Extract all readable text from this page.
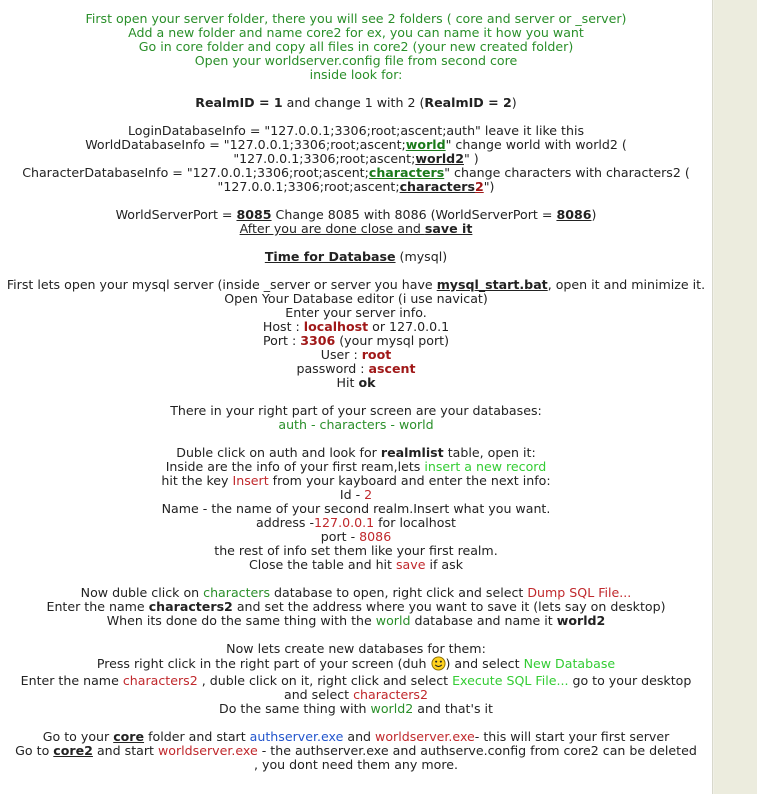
First open your server folder, there you will see 2 folders ( core and server or _server)

Add a new folder and name core2 for ex, you can name it how you want

Go in core folder and copy all files in core2 (your new created folder)

Open your worldserver.config file from second core

inside look for:

RealmID = 1 and change 1 with 2 (RealmID = 2)

LoginDatabaseInfo = "127.0.0.1;3306;root;ascent;auth" leave it like this

WorldDatabaseInfo = "127.0.0.1;3306;root;ascent;world" change world with world2 (

"127.0.0.1;3306;root;ascent;world2" )

CharacterDatabaseInfo = "127.0.0.1;3306;root;ascent;characters" change characters with characters2 (

"127.0.0.1;3306;root;ascent;characters2")

WorldServerPort = 8085 Change 8085 with 8086 (WorldServerPort = 8086)

After you are done close and save it

Time for Database (mysql)

First lets open your mysql server (inside _server or server you have mysql_start.bat, open it and minimize it.

Open Your Database editor (i use navicat)

Enter your server info.

Host : localhost or 127.0.0.1

Port : 3306 (your mysql port)

User : root

password : ascent

Hit ok

There in your right part of your screen are your databases:

auth - characters - world

Duble click on auth and look for realmlist table, open it:

Inside are the info of your first ream,lets insert a new record

hit the key Insert from your kayboard and enter the next info:

Id - 2

Name - the name of your second realm.Insert what you want.

address -127.0.0.1 for localhost

port - 8086

the rest of info set them like your first realm.

Close the table and hit save if ask

Now duble click on characters database to open, right click and select Dump SQL File...

Enter the name characters2 and set the address where you want to save it (lets say on desktop)

When its done do the same thing with the world database and name it world2

Now lets create new databases for them:

Press right click in the right part of your screen (duh ) and select New Database

Enter the name characters2 , duble click on it, right click and select Execute SQL File... go to your desktop

and select characters2

Do the same thing with world2 and that's it

Go to your core folder and start authserver.exe and worldserver.exe- this will start your first server

Go to core2 and start worldserver.exe - the authserver.exe and authserve.config from core2 can be deleted

, you dont need them any more.
